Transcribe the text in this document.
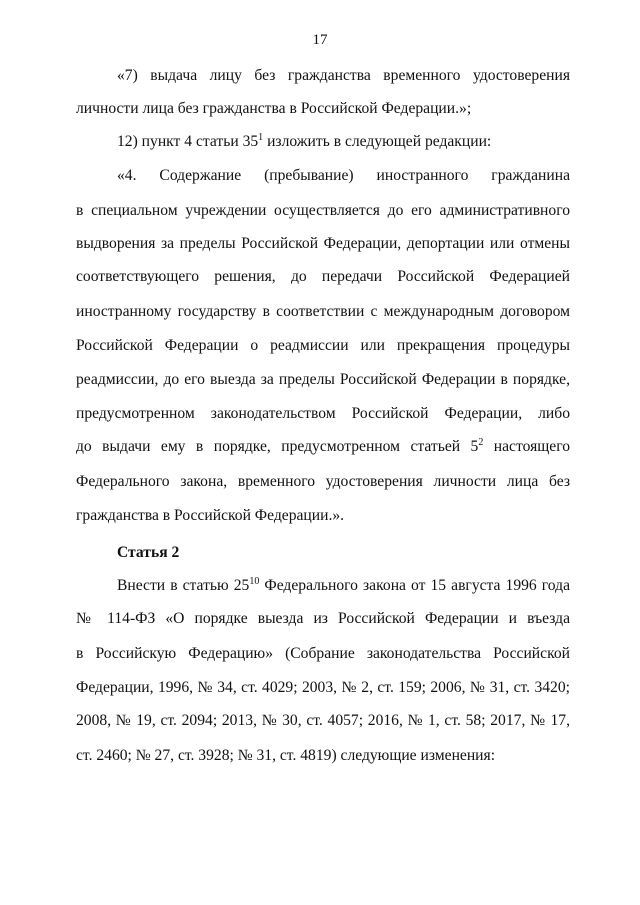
17
«7) выдача лицу без гражданства временного удостоверения
личности лица без гражданства в Российской Федерации.»;
12) пункт 4 статьи $35^1$ изложить в следующей редакции:
«4. Содержание (пребывание) иностранного гражданина
в специальном учреждении осуществляется до его административного
выдворения за пределы Российской Федерации, депортации или отмены
соответствующего решения, до передачи Российской Федерацией
иностранному государству в соответствии с международным договором
Российской Федерации о реадмиссии или прекращения процедуры
реадмиссии, до его выезда за пределы Российской Федерации в порядке,
предусмотренном законодательством Российской Федерации, либо
до выдачи ему в порядке, предусмотренном статьей $5^2$ настоящего
Федерального закона, временного удостоверения личности лица без
гражданства в Российской Федерации.».
Статья 2
Внести в статью $25^{10}$ Федерального закона от 15 августа 1996 года
№ 114-ФЗ «О порядке выезда из Российской Федерации и въезда
в Российскую Федерацию» (Собрание законодательства Российской
Федерации, 1996, № 34, ст. 4029; 2003, № 2, ст. 159; 2006, № 31, ст. 3420;
2008, № 19, ст. 2094; 2013, № 30, ст. 4057; 2016, № 1, ст. 58; 2017, № 17,
ст. 2460; № 27, ст. 3928; № 31, ст. 4819) следующие изменения:
